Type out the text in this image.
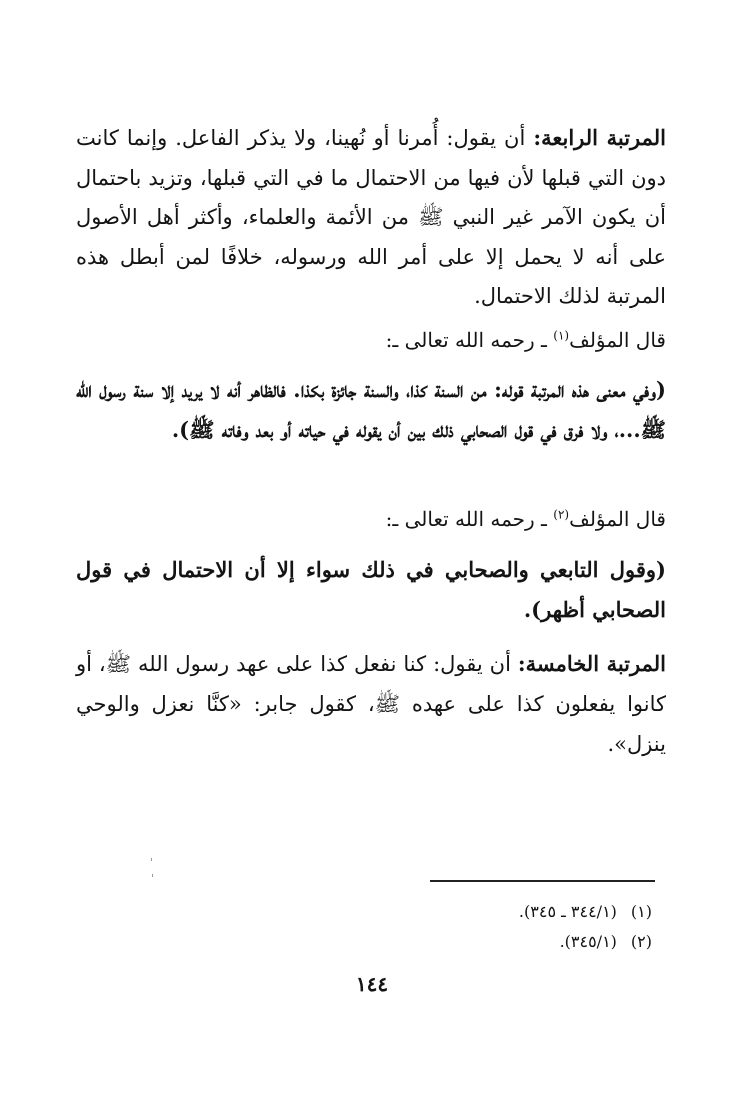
المرتبة الرابعة: أن يقول: أُمرنا أو نُهينا، ولا يذكر الفاعل. وإنما كانت دون التي قبلها لأن فيها من الاحتمال ما في التي قبلها، وتزيد باحتمال أن يكون الآمر غير النبي ﷺ من الأئمة والعلماء، وأكثر أهل الأصول على أنه لا يحمل إلا على أمر الله ورسوله، خلافًا لمن أبطل هذه المرتبة لذلك الاحتمال.

قال المؤلف$^{(١)}$ ـ رحمه الله تعالى ـ:

(وفي معنى هذه المرتبة قوله: من السنة كذا، والسنة جائزة بكذا. فالظاهر أنه لا يريد إلا سنة رسول الله ﷺ...، ولا فرق في قول الصحابي ذلك بين أن يقوله في حياته أو بعد وفاته ﷺ).

قال المؤلف$^{(٢)}$ ـ رحمه الله تعالى ـ:

(وقول التابعي والصحابي في ذلك سواء إلا أن الاحتمال في قول الصحابي أظهر).

المرتبة الخامسة: أن يقول: كنا نفعل كذا على عهد رسول الله ﷺ، أو كانوا يفعلون كذا على عهده ﷺ، كقول جابر: «كنَّا نعزل والوحي ينزل».

(١)(٣٤٤/١ ـ ٣٤٥).
(٢)(٣٤٥/١).
١٤٤
